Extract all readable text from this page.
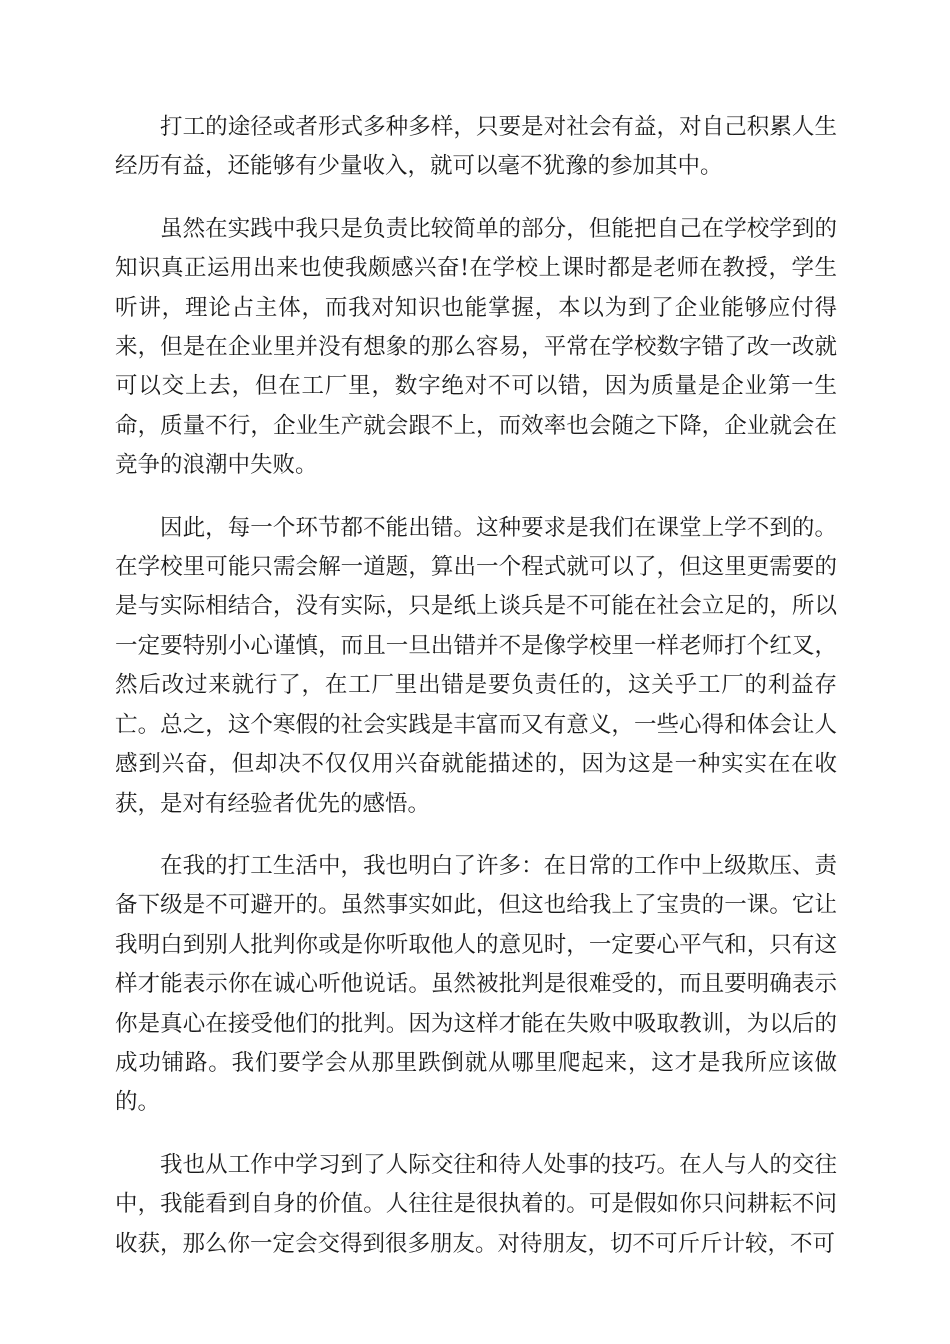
打工的途径或者形式多种多样，只要是对社会有益，对自己积累人生经历有益，还能够有少量收入，就可以毫不犹豫的参加其中。

虽然在实践中我只是负责比较简单的部分，但能把自己在学校学到的知识真正运用出来也使我颇感兴奋!在学校上课时都是老师在教授，学生听讲，理论占主体，而我对知识也能掌握，本以为到了企业能够应付得来，但是在企业里并没有想象的那么容易，平常在学校数字错了改一改就可以交上去，但在工厂里，数字绝对不可以错，因为质量是企业第一生命，质量不行，企业生产就会跟不上，而效率也会随之下降，企业就会在竞争的浪潮中失败。

因此，每一个环节都不能出错。这种要求是我们在课堂上学不到的。在学校里可能只需会解一道题，算出一个程式就可以了，但这里更需要的是与实际相结合，没有实际，只是纸上谈兵是不可能在社会立足的，所以一定要特别小心谨慎，而且一旦出错并不是像学校里一样老师打个红叉，然后改过来就行了，在工厂里出错是要负责任的，这关乎工厂的利益存亡。总之，这个寒假的社会实践是丰富而又有意义，一些心得和体会让人感到兴奋，但却决不仅仅用兴奋就能描述的，因为这是一种实实在在收获，是对有经验者优先的感悟。

在我的打工生活中，我也明白了许多：在日常的工作中上级欺压、责备下级是不可避开的。虽然事实如此，但这也给我上了宝贵的一课。它让我明白到别人批判你或是你听取他人的意见时，一定要心平气和，只有这样才能表示你在诚心听他说话。虽然被批判是很难受的，而且要明确表示你是真心在接受他们的批判。因为这样才能在失败中吸取教训，为以后的成功铺路。我们要学会从那里跌倒就从哪里爬起来，这才是我所应该做的。

我也从工作中学习到了人际交往和待人处事的技巧。在人与人的交往中，我能看到自身的价值。人往往是很执着的。可是假如你只问耕耘不问收获，那么你一定会交得到很多朋友。对待朋友，切不可斤斤计较，不可
